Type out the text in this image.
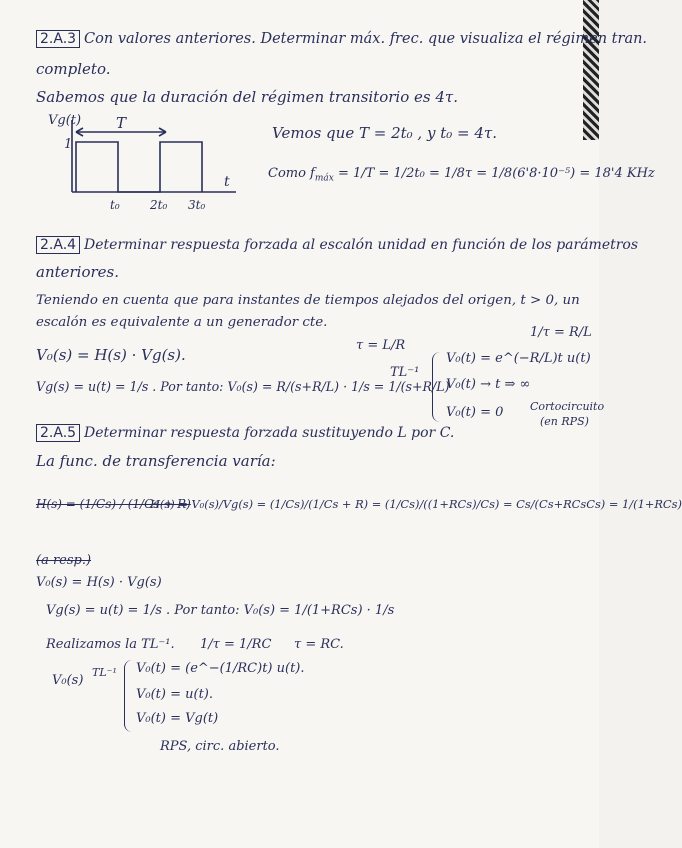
2.A.3 Con valores anteriores. Determinar máx. frec. que visualiza el régimen tran.
completo.
Sabemos que la duración del régimen transitorio es 4τ.
Vg(t)
1
T
t
t₀	2t₀ 3t₀
Vemos que T = 2t₀ , y t₀ = 4τ.
Como $f_{máx} = 1/T = 1/2t_0 = 1/8\tau = 1/8(6'8\cdot 10^{-5}) = 18'4$ KHz
2.A.4 Determinar respuesta forzada al escalón unidad en función de los parámetros
anteriores.
Teniendo en cuenta que para instantes de tiempos alejados del origen, t > 0, un
escalón es equivalente a un generador cte.
τ = L/R
1/τ = R/L
V₀(s) = H(s) · Vg(s).
Vg(s) = u(t) = 1/s . Por tanto: V₀(s) = R/(s+R/L) · 1/s = 1/(s+R/L)
TL⁻¹
V₀(t) = e^(−R/L)t u(t)
V₀(t) → t ⇒ ∞
V₀(t) = 0 Cortocircuito
(en RPS)
2.A.5 Determinar respuesta forzada sustituyendo L por C.
La func. de transferencia varía:
H(s) = (1/Cs) / (1/Cs + R)
H(s) = V₀(s)/Vg(s) = (1/Cs)/(1/Cs + R) = (1/Cs)/((1+RCs)/Cs) = Cs/(Cs+RCsCs) = 1/(1+RCs)
(a resp.)
V₀(s) = H(s) · Vg(s)
Vg(s) = u(t) = 1/s . Por tanto: V₀(s) = 1/(1+RCs) · 1/s
Realizamos la TL⁻¹. 1/τ = 1/RC τ = RC.
V₀(s)
TL⁻¹ V₀(t) = (e^−(1/RC)t) u(t).
V₀(t) = u(t).
V₀(t) = Vg(t)
RPS, circ. abierto.
